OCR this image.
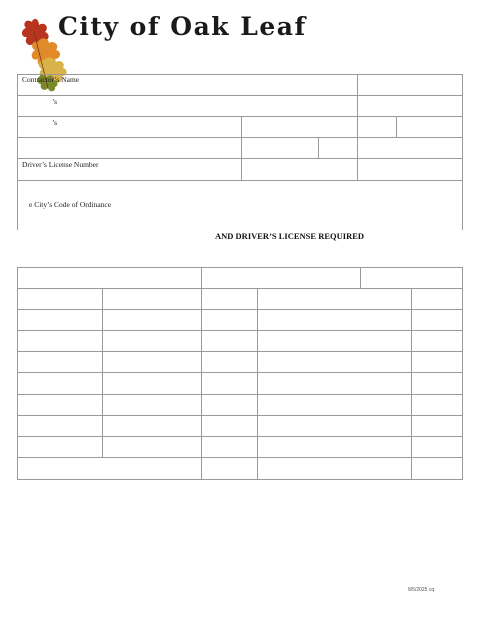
City of Oak Leaf
Contractor’s Name
’s
’s
Driver’s License Number
e City’s Code of Ordinance
AND DRIVER’S LICENSE REQUIRED
8/5/2025 cq
